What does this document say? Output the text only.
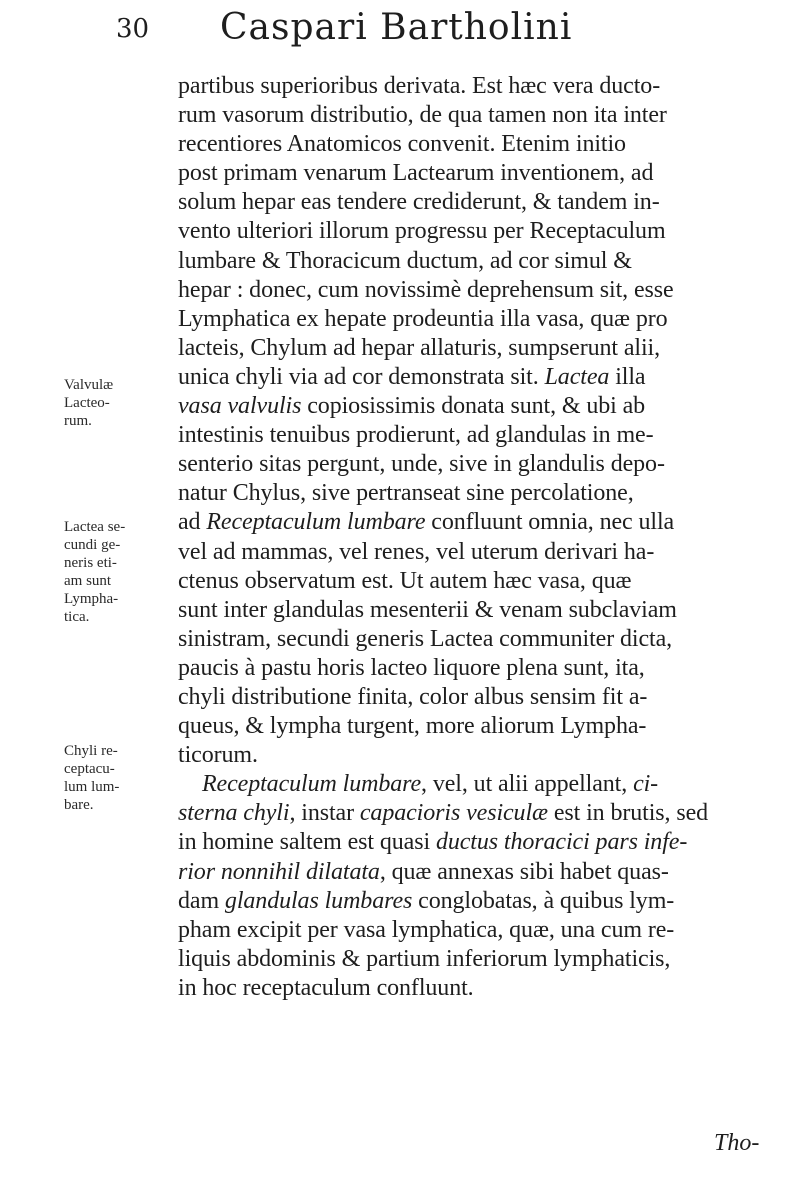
30 Caspari Bartholini
partibus superioribus derivata. Est hæc vera ducto-
rum vasorum distributio, de qua tamen non ita inter
recentiores Anatomicos convenit. Etenim initio
post primam venarum Lactearum inventionem, ad
solum hepar eas tendere crediderunt, & tandem in-
vento ulteriori illorum progressu per Receptaculum
lumbare & Thoracicum ductum, ad cor simul &
hepar : donec, cum novissimè deprehensum sit, esse
Lymphatica ex hepate prodeuntia illa vasa, quæ pro
lacteis, Chylum ad hepar allaturis, sumpserunt alii,
unica chyli via ad cor demonstrata sit. Lactea illa
vasa valvulis copiosissimis donata sunt, & ubi ab
intestinis tenuibus prodierunt, ad glandulas in me-
senterio sitas pergunt, unde, sive in glandulis depo-
natur Chylus, sive pertranseat sine percolatione,
ad Receptaculum lumbare confluunt omnia, nec ulla
vel ad mammas, vel renes, vel uterum derivari ha-
ctenus observatum est. Ut autem hæc vasa, quæ
sunt inter glandulas mesenterii & venam subclaviam
sinistram, secundi generis Lactea communiter dicta,
paucis à pastu horis lacteo liquore plena sunt, ita,
chyli distributione finita, color albus sensim fit a-
queus, & lympha turgent, more aliorum Lympha-
ticorum.
Receptaculum lumbare, vel, ut alii appellant, ci-
sterna chyli, instar capacioris vesiculæ est in brutis, sed
in homine saltem est quasi ductus thoracici pars infe-
rior nonnihil dilatata, quæ annexas sibi habet quas-
dam glandulas lumbares conglobatas, à quibus lym-
pham excipit per vasa lymphatica, quæ, una cum re-
liquis abdominis & partium inferiorum lymphaticis,
in hoc receptaculum confluunt.
Valvulæ
Lacteo-
rum.
Lactea se-
cundi ge-
neris eti-
am sunt
Lympha-
tica.
Chyli re-
ceptacu-
lum lum-
bare.
Tho-
